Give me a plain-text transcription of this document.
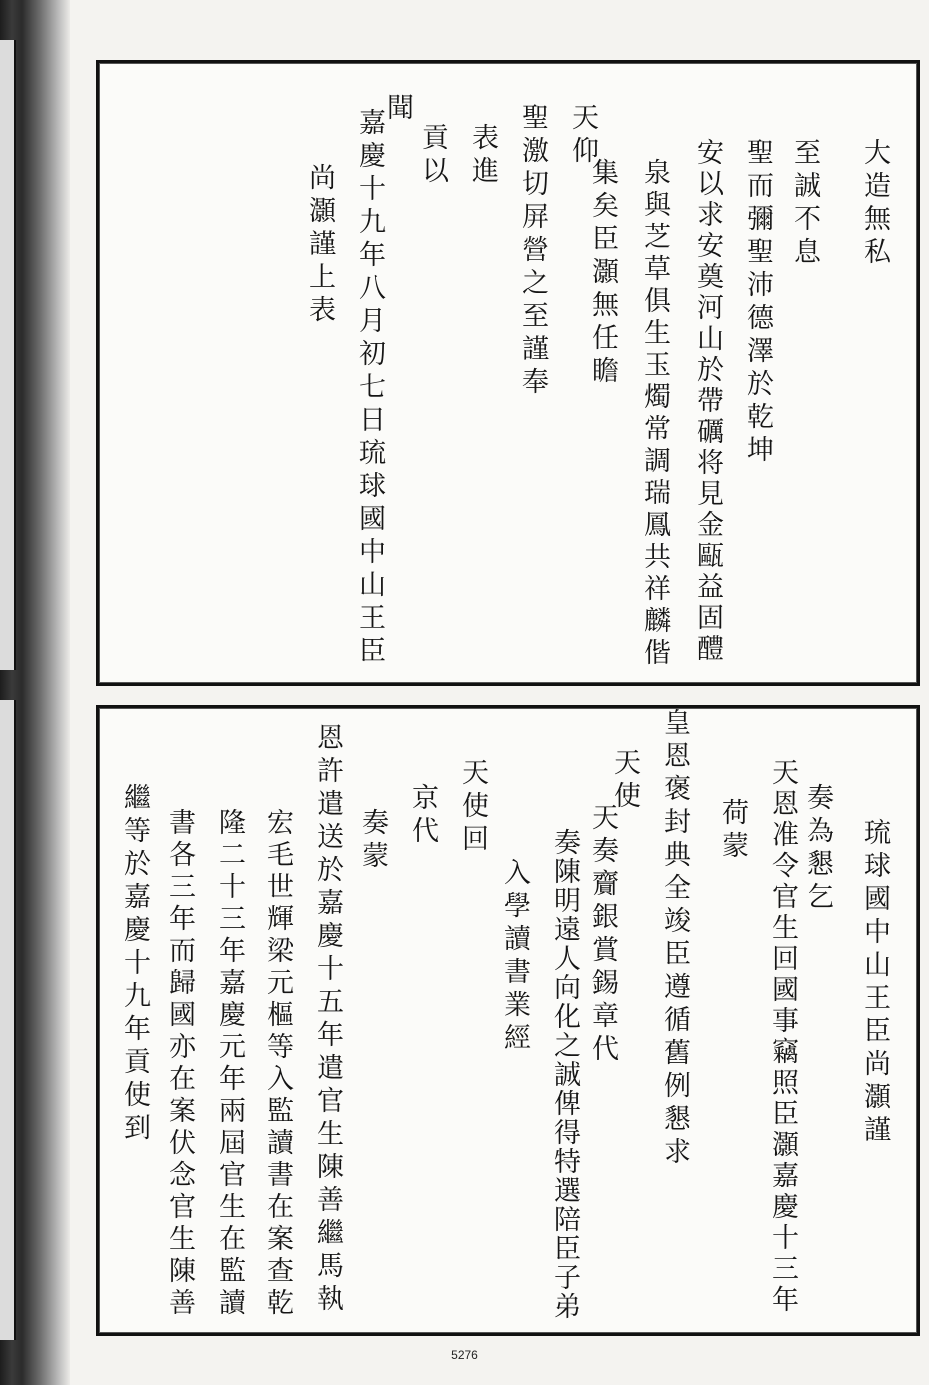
大造無私
至誠不息
聖而彌聖沛德澤於乾坤
安以求安奠河山於帶礪将見金甌益固醴
泉與芝草俱生玉燭常調瑞鳳共祥麟偕
集矣臣灝無任瞻
天仰
聖激切屏營之至謹奉
表進
貢以
聞
嘉慶十九年八月初七日琉球國中山王臣
尚灝謹上表
琉球國中山王臣尚灝謹
奏為懇乞
天恩准令官生回國事竊照臣灝嘉慶十三年
荷蒙
皇恩褒封典全竣臣遵循舊例懇求
天使
天奏齎銀賞錫章代
奏陳明遠人向化之誠俾得特選陪臣子弟
入學讀書業經
天使回
京代
奏蒙
恩許遣送於嘉慶十五年遣官生陳善繼馬執
宏毛世輝梁元樞等入監讀書在案查乾
隆二十三年嘉慶元年兩屆官生在監讀
書各三年而歸國亦在案伏念官生陳善
繼等於嘉慶十九年貢使到
5276
